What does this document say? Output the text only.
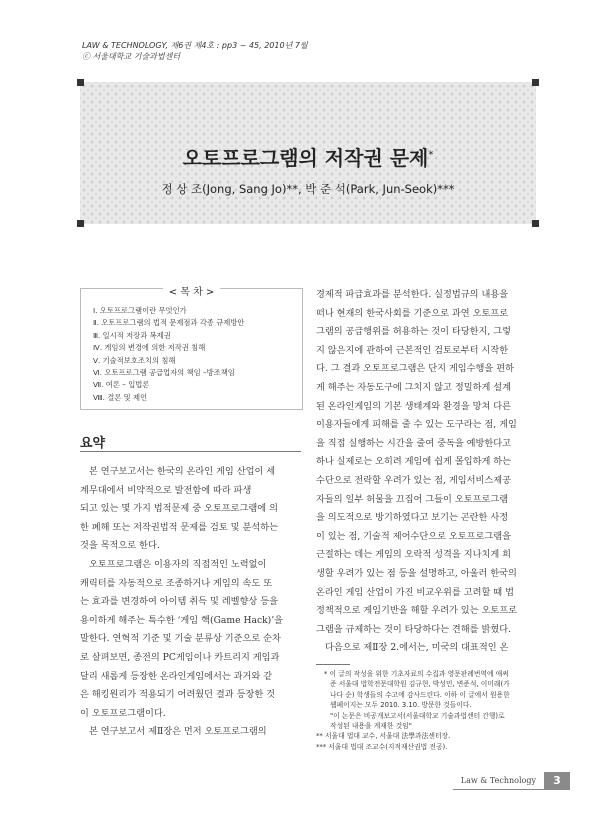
LAW & TECHNOLOGY, 제6권 제4호 : pp3 ~ 45, 2010년 7월
ⓒ 서울대학교 기술과법센터
오토프로그램의 저작권 문제*
정 상 조(Jong, Sang Jo)**, 박 준 석(Park, Jun-Seok)***
< 목 차 >
Ⅰ. 오토프로그램이란 무엇인가
Ⅱ. 오토프로그램의 법적 문제점과 각종 규제방안
Ⅲ. 일시적 저장과 복제권
Ⅳ. 게임의 변경에 의한 저작권 침해
Ⅴ. 기술적보호조치의 침해
Ⅵ. 오토프로그램 공급업자의 책임 –방조책임
Ⅶ. 여론 – 입법론
Ⅷ. 결론 및 제언
요약

본 연구보고서는 한국의 온라인 게임 산업이 세

계무대에서 비약적으로 발전함에 따라 파생

되고 있는 몇 가지 법적문제 중 오토프로그램에 의

한 폐해 또는 저작권법적 문제를 검토 및 분석하는

것을 목적으로 한다.

오토프로그램은 이용자의 직접적인 노력없이

캐릭터를 자동적으로 조종하거나 게임의 속도 또

는 효과를 변경하여 아이템 취득 및 레벨향상 등을

용이하게 해주는 특수한 ‘게임 핵(Game Hack)’을

말한다. 연혁적 기준 및 기술 분류상 기준으로 순차

로 살펴보면, 종전의 PC게임이나 카트리지 게임과

달리 새롭게 등장한 온라인게임에서는 과거와 같

은 해킹원리가 적용되기 어려웠던 결과 등장한 것

이 오토프로그램이다.

본 연구보고서 제Ⅱ장은 먼저 오토프로그램의

경제적 파급효과를 분석한다. 실정법규의 내용을

떠나 현재의 한국사회를 기준으로 과연 오토프로

그램의 공급행위를 허용하는 것이 타당한지, 그렇

지 않은지에 관하여 근본적인 검토로부터 시작한

다. 그 결과 오토프로그램은 단지 게임수행을 편하

게 해주는 자동도구에 그치지 않고 정밀하게 설계

된 온라인게임의 기본 생태계와 환경을 망쳐 다른

이용자들에게 피해를 줄 수 있는 도구라는 점, 게임

을 직접 실행하는 시간을 줄여 중독을 예방한다고

하나 실제로는 오히려 게임에 쉽게 몰입하게 하는

수단으로 전락할 우려가 있는 점, 게임서비스제공

자들의 일부 허물을 끄집어 그들이 오토프로그램

을 의도적으로 방기하였다고 보기는 곤란한 사정

이 있는 점, 기술적 제어수단으로 오토프로그램을

근절하는 데는 게임의 오락적 성격을 지나치게 희

생할 우려가 있는 점 등을 설명하고, 아울러 한국의

온라인 게임 산업이 가진 비교우위를 고려할 때 법

정책적으로 게임기반을 해할 우려가 있는 오토프로

그램을 규제하는 것이 타당하다는 견해를 밝혔다.

다음으로 제Ⅱ장 2.에서는, 미국의 대표적인 온

* 이 글의 작성을 위한 기초자료의 수집과 영문판례번역에 애써
준 서울대 법학전문대학원 김규현, 박성민, 변준석, 이미래(가
나다 순) 학생들의 수고에 감사드린다. 이하 이 글에서 원용한
웹페이지는 모두 2010. 3.10. 방문한 것들이다.
"이 논문은 비공개보고서(서울대학교 기술과법센터 간행)로
작성된 내용을 게재한 것임"
** 서울대 법대 교수, 서울대 法學과法센터장.
*** 서울대 법대 조교수(지적재산권법 전공).
Law & Technology	3
